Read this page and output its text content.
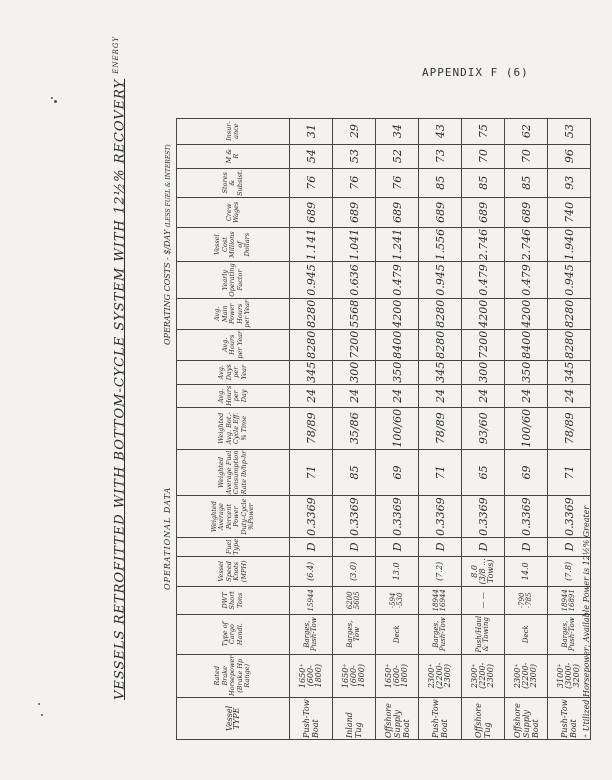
APPENDIX F (6)
VESSELS RETROFITTED WITH BOTTOM-CYCLE SYSTEM WITH 12½% RECOVERY $^{ENERGY}$
OPERATIONAL DATA
OPERATING COSTS - $/DAY (LESS FUEL & INTEREST)
Vessel TYPE	Rated Brake Horsepower (Brake Hp Range)	Type of Cargo Handl.	DWT Short Tons	Vessel Speed Knots (MPH)	Fuel Type	Weighted Average Percent Power Duty-Cycle %Power	Weighted Average Fuel Consumption Rate lb/hp-hr	Weighted Avg. Bot.-Cycle Eff. % Time	Avg. Hours per Day	Avg. Days per Year	Avg. Hours per Year	Avg. Main Power Hours per Year	Yearly Operating Factor	Vessel Cost Millions of Dollars	Crew Wages	Stores & Subsist.	M & R	Insur-ance
Push-Tow Boat	1650⁺ (600-1800)	Barges, Push-Tow	15944	(6.4)	D	0.3369	71	78/89	24	345	8280	8280	0.945	1.141	689	76	54	31
Inland Tug	1650⁺ (600-1800)	Barges, Tow	6200 5605	(3.0)	D	0.3369	85	35/86	24	300	7200	5568	0.636	1.041	689	76	53	29
Offshore Supply Boat	1650⁺ (600-1800)	Deck	·594 ·530	13.0	D	0.3369	69	100/60	24	350	8400	4200	0.479	1.241	689	76	52	34
Push-Tow Boat	2300⁺ (2200-2300)	Barges, Push-Tow	18944 16944	(7.2)	D	0.3369	71	78/89	24	345	8280	8280	0.945	1.556	689	85	73	43
Offshore Tug	2300⁺ (2200-2300)	Push/Haul & Towing	— —	8.0 (3/8 ... Tows)	D	0.3369	65	93/60	24	300	7200	4200	0.479	2.746	689	85	70	75
Offshore Supply Boat	2300⁺ (2200-2300)	Deck	·790 ·785	14.0	D	0.3369	69	100/60	24	350	8400	4200	0.479	2.746	689	85	70	62
Push-Tow Boat	3100⁺ (3000-3200)	Barges, Push-Tow	18944 16891	(7.8)	D	0.3369	71	78/89	24	345	8280	8280	0.945	1.940	740	93	96	53
⁺ Utilized Horsepower; Available Power is 12½% Greater
